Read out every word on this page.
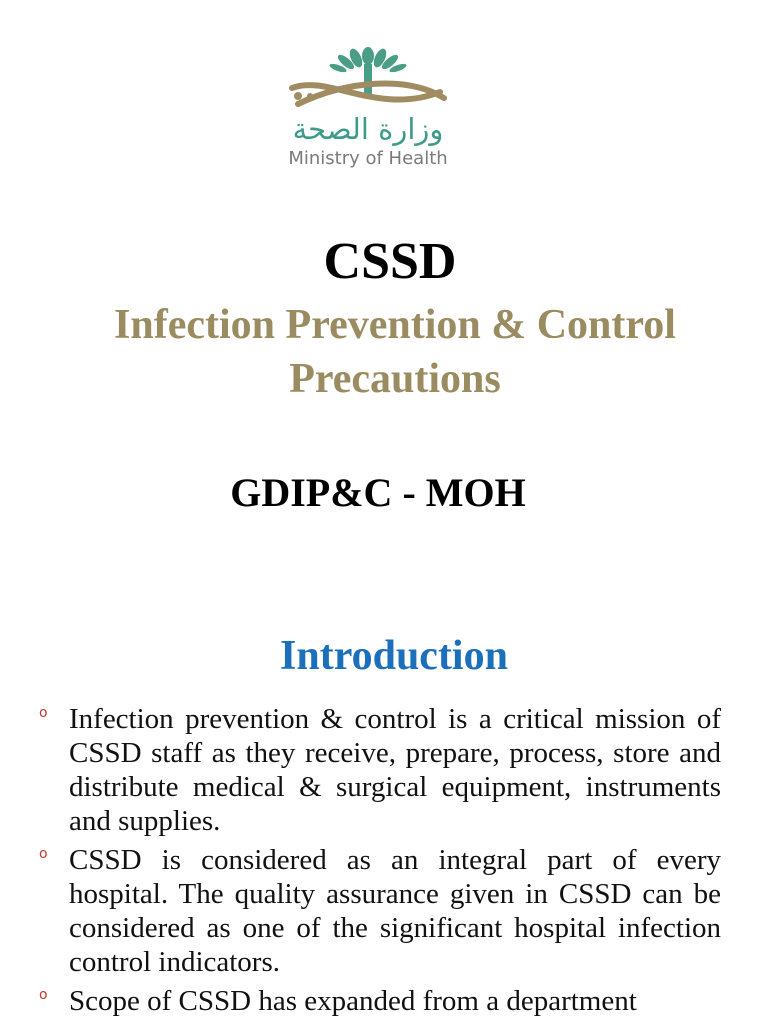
وزارة الصحة
Ministry of Health
CSSD
Infection Prevention & Control Precautions
GDIP&C - MOH
Introduction
o Infection prevention & control is a critical mission of CSSD staff as they receive, prepare, process, store and distribute medical & surgical equipment, instruments and supplies.
o CSSD is considered as an integral part of every hospital. The quality assurance given in CSSD can be considered as one of the significant hospital infection control indicators.
o Scope of CSSD has expanded from a department
